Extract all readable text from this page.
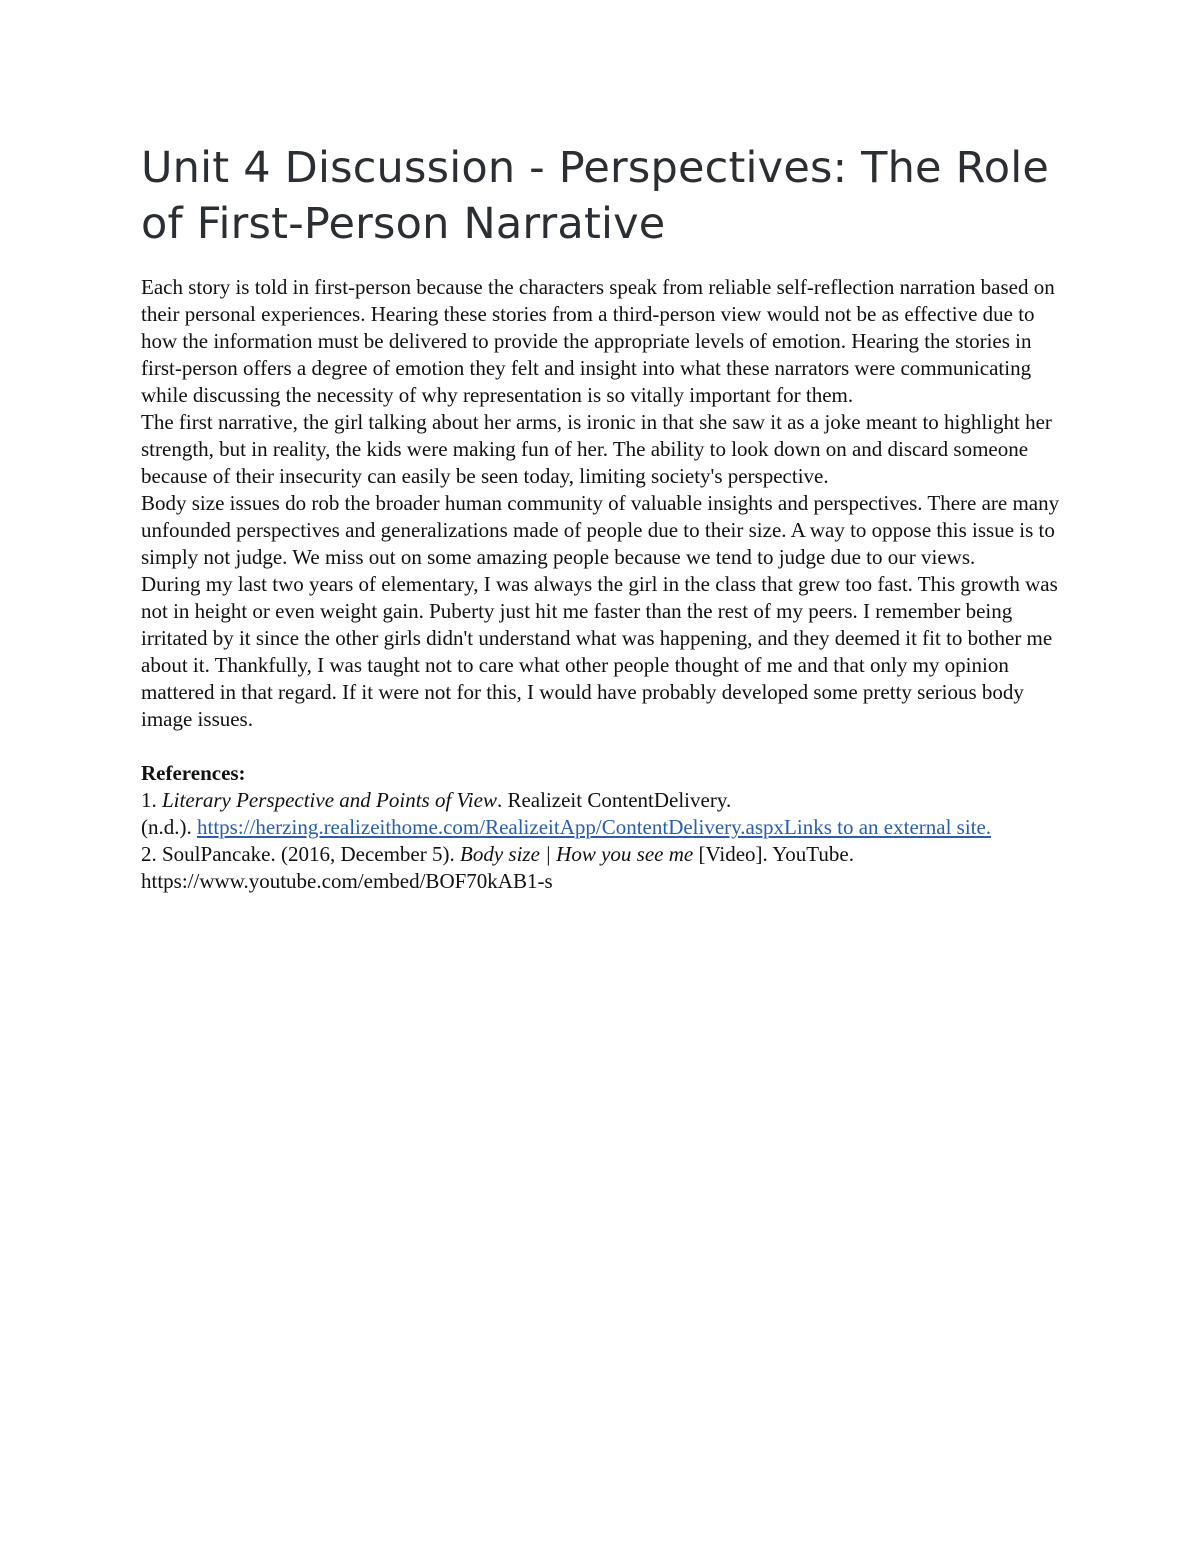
Unit 4 Discussion - Perspectives: The Role of First-Person Narrative

Each story is told in first-person because the characters speak from reliable self-reflection narration based on their personal experiences. Hearing these stories from a third-person view would not be as effective due to how the information must be delivered to provide the appropriate levels of emotion. Hearing the stories in first-person offers a degree of emotion they felt and insight into what these narrators were communicating while discussing the necessity of why representation is so vitally important for them.

The first narrative, the girl talking about her arms, is ironic in that she saw it as a joke meant to highlight her strength, but in reality, the kids were making fun of her. The ability to look down on and discard someone because of their insecurity can easily be seen today, limiting society's perspective.

Body size issues do rob the broader human community of valuable insights and perspectives. There are many unfounded perspectives and generalizations made of people due to their size. A way to oppose this issue is to simply not judge. We miss out on some amazing people because we tend to judge due to our views.

During my last two years of elementary, I was always the girl in the class that grew too fast. This growth was not in height or even weight gain. Puberty just hit me faster than the rest of my peers. I remember being irritated by it since the other girls didn't understand what was happening, and they deemed it fit to bother me about it. Thankfully, I was taught not to care what other people thought of me and that only my opinion mattered in that regard. If it were not for this, I would have probably developed some pretty serious body image issues.

References:

1. Literary Perspective and Points of View. Realizeit ContentDelivery.
(n.d.). https://herzing.realizeithome.com/RealizeitApp/ContentDelivery.aspxLinks to an external site.

2. SoulPancake. (2016, December 5). Body size | How you see me [Video]. YouTube.
https://www.youtube.com/embed/BOF70kAB1-s
